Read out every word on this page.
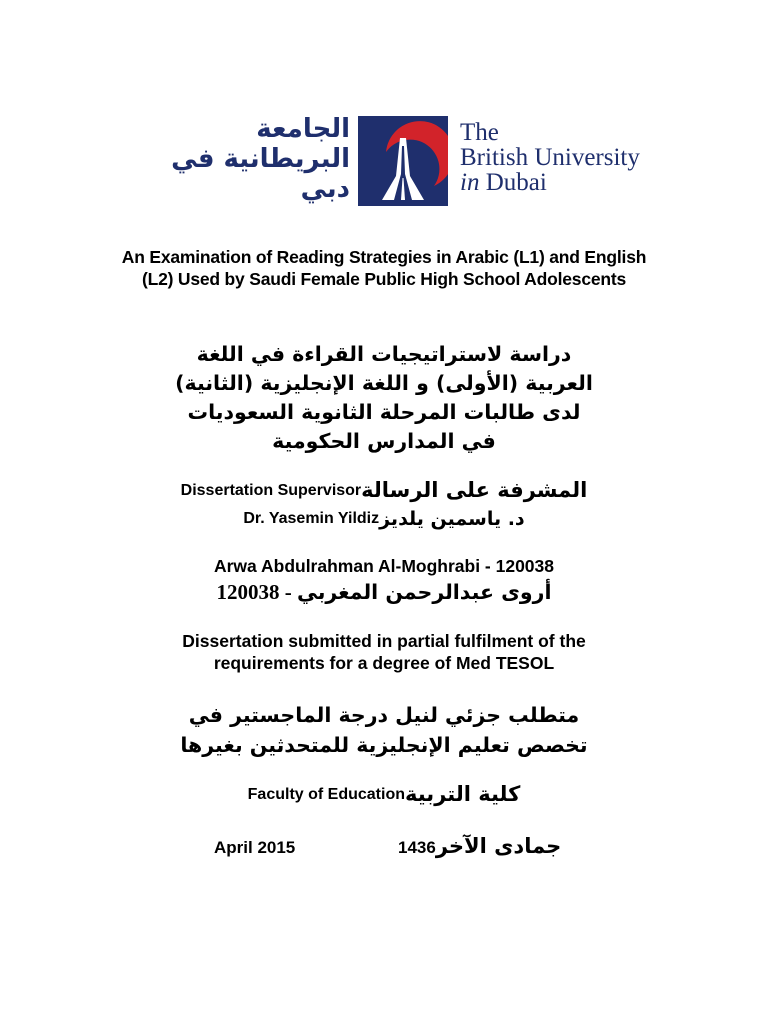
الجامعة
البريطانية في
دبي
The
British University
in Dubai
An Examination of Reading Strategies in Arabic (L1) and English (L2) Used by Saudi Female Public High School Adolescents
دراسة لاستراتيجيات القراءة في اللغة
العربية (الأولى) و اللغة الإنجليزية (الثانية)
لدى طالبات المرحلة الثانوية السعوديات
في المدارس الحكومية
Dissertation Supervisorالمشرفة على الرسالة
Dr. Yasemin Yildizد. ياسمين يلديز
Arwa Abdulrahman Al-Moghrabi - 120038
أروى عبدالرحمن المغربي - 120038
Dissertation submitted in partial fulfilment of the
requirements for a degree of Med TESOL
متطلب جزئي لنيل درجة الماجستير في
تخصص تعليم الإنجليزية للمتحدثين بغيرها
Faculty of Educationكلية التربية
April 2015	1436جمادى الآخر
